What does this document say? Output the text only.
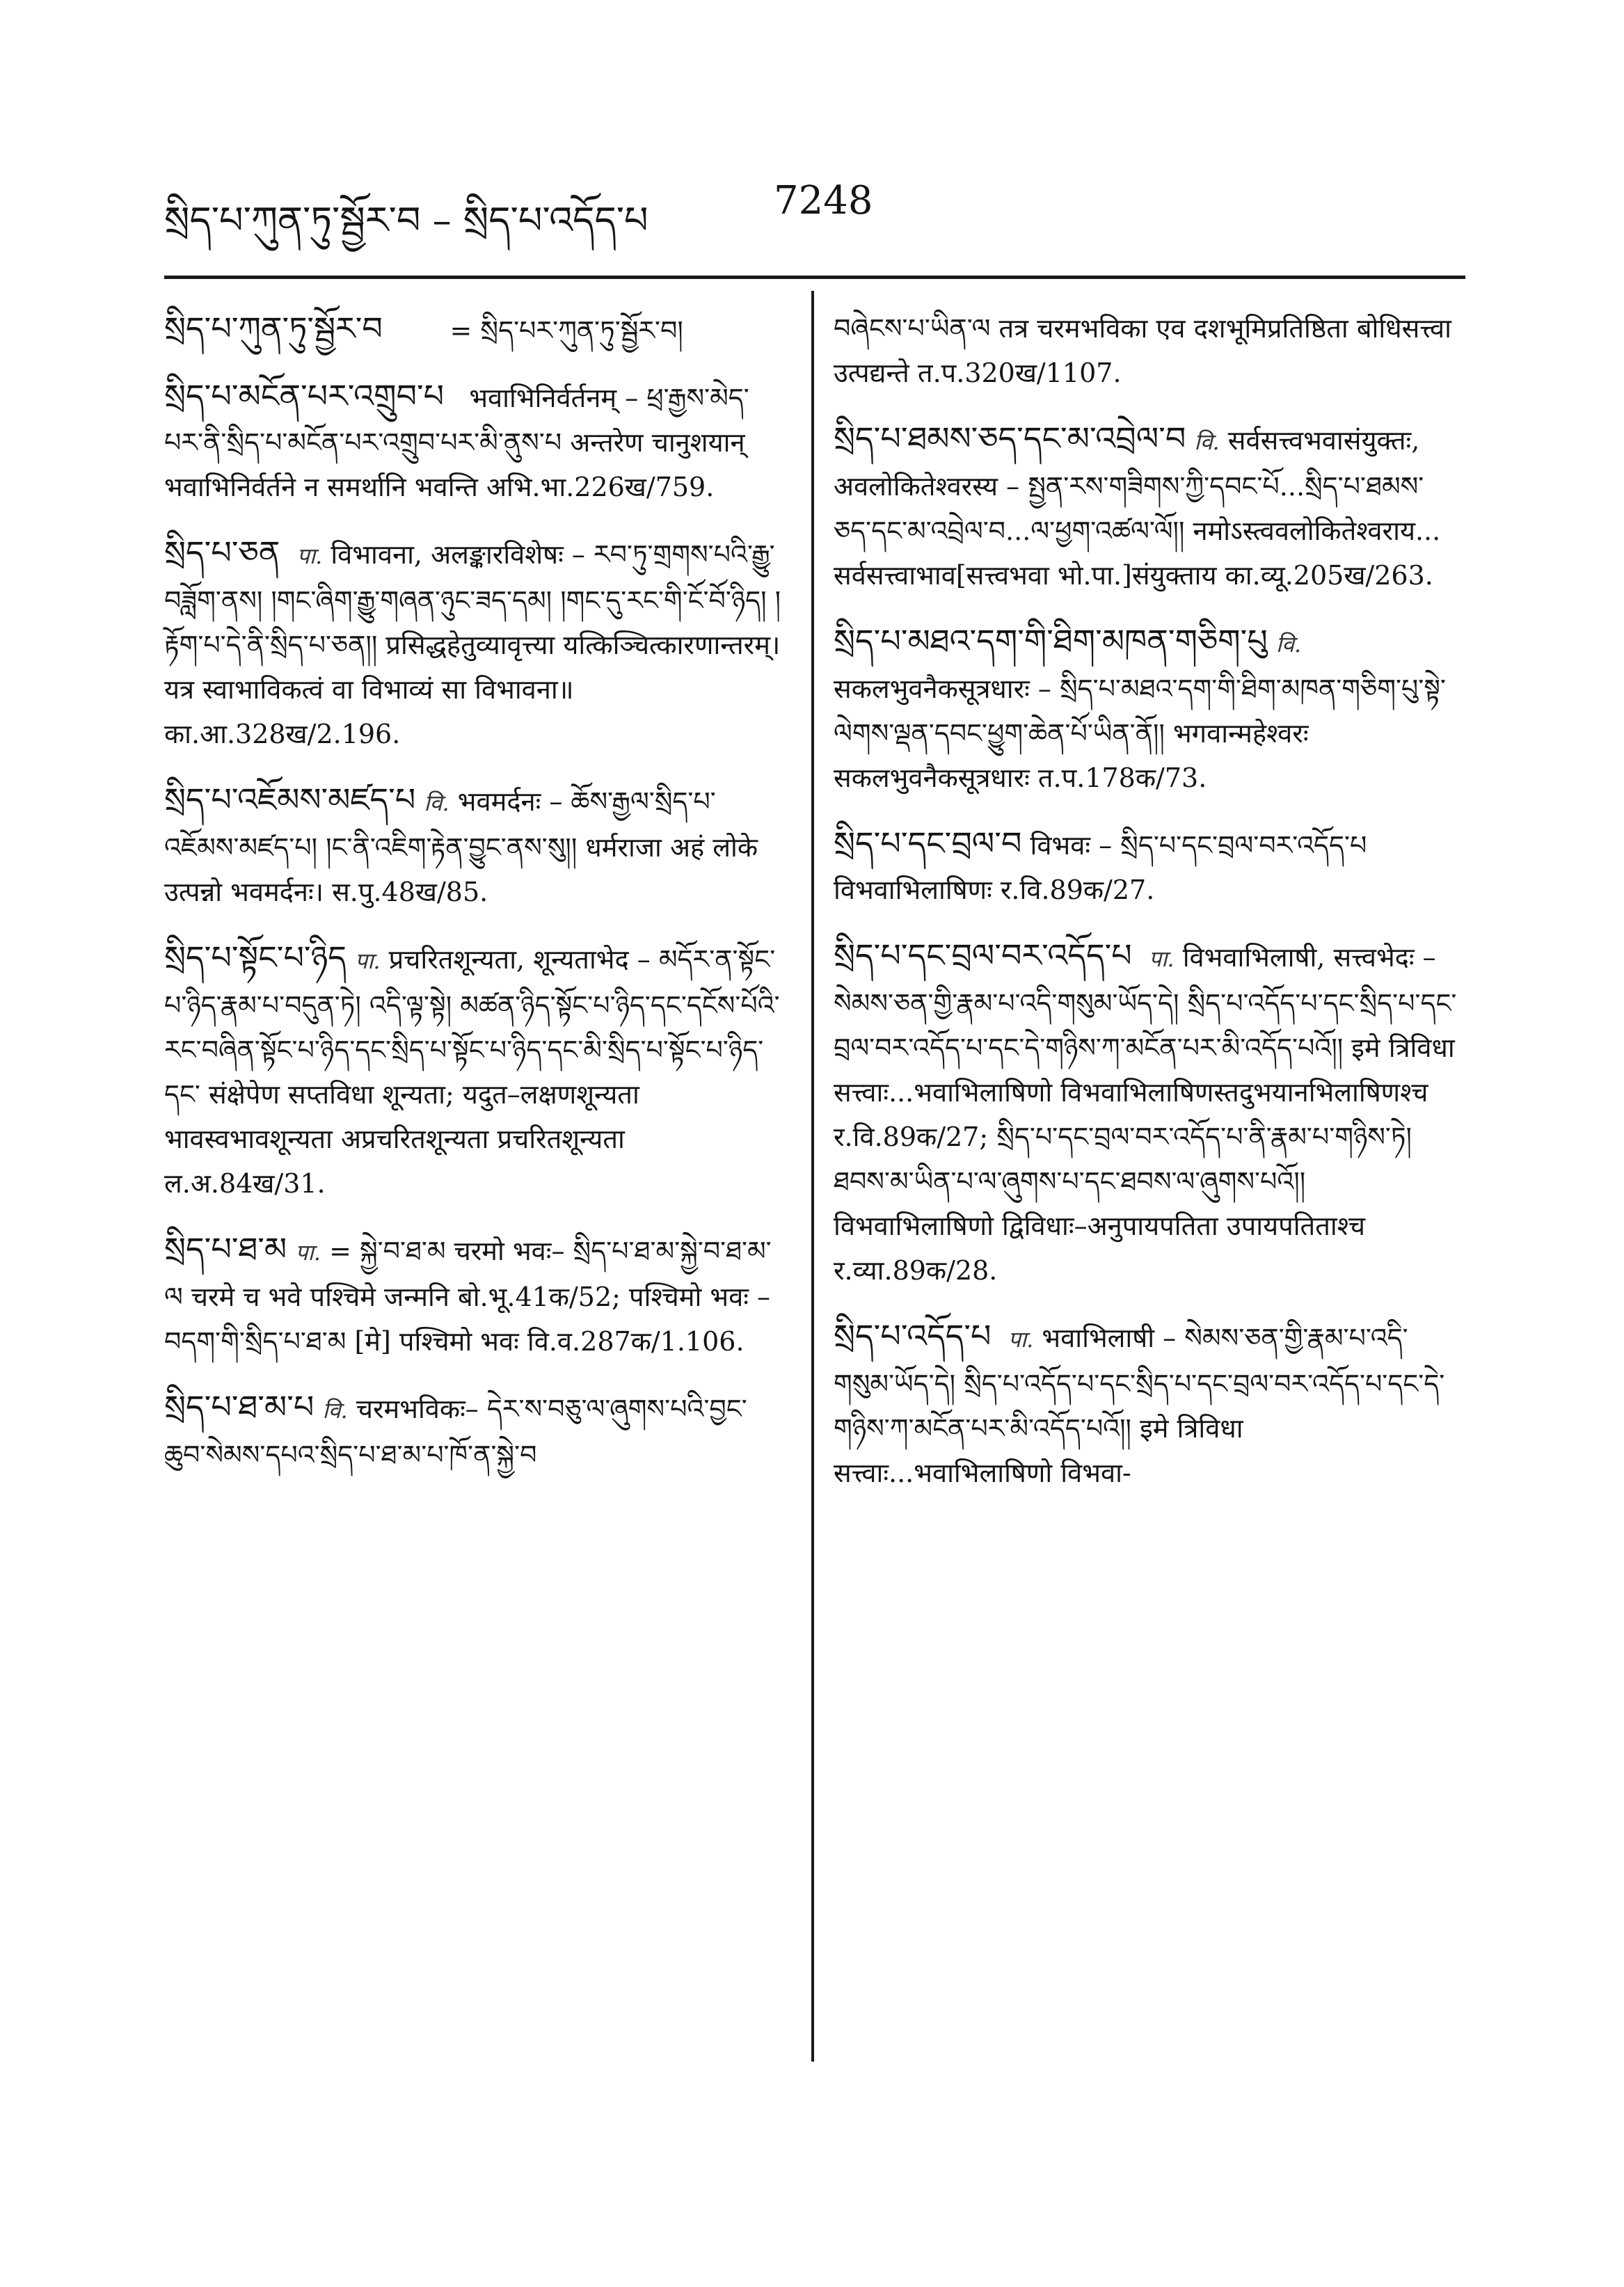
སྲིད་པ་ཀུན་ཏུ་སྦྱོར་བ – སྲིད་པ་འདོད་པ	7248

སྲིད་པ་ཀུན་ཏུ་སྦྱོར་བ	= སྲིད་པར་ཀུན་ཏུ་སྦྱོར་བ།

སྲིད་པ་མངོན་པར་འགྲུབ་པ भवाभिनिर्वर्तनम् – ཕྲ་རྒྱས་མེད་པར་ནི་སྲིད་པ་མངོན་པར་འགྲུབ་པར་མི་ནུས་པ अन्तरेण चानुशयान् भवाभिनिर्वर्तने न समर्थानि भवन्ति अभि.भा.226ख/759.

སྲིད་པ་ཅན पा. विभावना, अलङ्कारविशेषः – རབ་ཏུ་གྲགས་པའི་རྒྱུ་བཟློག་ནས། །གང་ཞིག་རྒྱུ་གཞན་ཉུང་ཟད་དམ། །གང་དུ་རང་གི་ངོ་བོ་ཉིད། །རྟོག་པ་དེ་ནི་སྲིད་པ་ཅན།། प्रसिद्धहेतुव्यावृत्त्या यत्किञ्चित्कारणान्तरम्। यत्र स्वाभाविकत्वं वा विभाव्यं सा विभावना॥ का.आ.328ख/2.196.

སྲིད་པ་འཇོམས་མཛད་པ वि. भवमर्दनः – ཆོས་རྒྱལ་སྲིད་པ་འཇོམས་མཛད་པ། །ང་ནི་འཇིག་རྟེན་བྱུང་ནས་སུ།། धर्मराजा अहं लोके उत्पन्नो भवमर्दनः। स.पु.48ख/85.

སྲིད་པ་སྟོང་པ་ཉིད पा. प्रचरितशून्यता, शून्यताभेद – མདོར་ན་སྟོང་པ་ཉིད་རྣམ་པ་བདུན་ཏེ། འདི་ལྟ་སྟེ། མཚན་ཉིད་སྟོང་པ་ཉིད་དང་དངོས་པོའི་རང་བཞིན་སྟོང་པ་ཉིད་དང་སྲིད་པ་སྟོང་པ་ཉིད་དང་མི་སྲིད་པ་སྟོང་པ་ཉིད་དང་ संक्षेपेण सप्तविधा शून्यता; यदुत–लक्षणशून्यता भावस्वभावशून्यता अप्रचरितशून्यता प्रचरितशून्यता ल.अ.84ख/31.

སྲིད་པ་ཐ་མ पा. = སྐྱེ་བ་ཐ་མ चरमो भवः– སྲིད་པ་ཐ་མ་སྐྱེ་བ་ཐ་མ་ལ चरमे च भवे पश्चिमे जन्मनि बो.भू.41क/52; पश्चिमो भवः – བདག་གི་སྲིད་པ་ཐ་མ [मे] पश्चिमो भवः वि.व.287क/1.106.

སྲིད་པ་ཐ་མ་པ वि. चरमभविकः– དེར་ས་བཅུ་ལ་ཞུགས་པའི་བྱང་ཆུབ་སེམས་དཔའ་སྲིད་པ་ཐ་མ་པ་ཁོ་ན་སྐྱེ་བ

བཞེངས་པ་ཡིན་ལ तत्र चरमभविका एव दशभूमिप्रतिष्ठिता बोधिसत्त्वा उत्पद्यन्ते त.प.320ख/1107.

སྲིད་པ་ཐམས་ཅད་དང་མ་འབྲེལ་བ वि. सर्वसत्त्वभवासंयुक्तः, अवलोकितेश्वरस्य – སྤྱན་རས་གཟིགས་ཀྱི་དབང་པོ...སྲིད་པ་ཐམས་ཅད་དང་མ་འབྲེལ་བ...ལ་ཕྱག་འཚལ་ལོ།། नमोऽस्त्ववलोकितेश्वराय... सर्वसत्त्वाभाव[सत्त्वभवा भो.पा.]संयुक्ताय का.व्यू.205ख/263.

སྲིད་པ་མཐའ་དག་གི་ཐིག་མཁན་གཅིག་པུ वि. सकलभुवनैकसूत्रधारः – སྲིད་པ་མཐའ་དག་གི་ཐིག་མཁན་གཅིག་པུ་སྟེ་ལེགས་ལྡན་དབང་ཕྱུག་ཆེན་པོ་ཡིན་ནོ།། भगवान्महेश्वरः सकलभुवनैकसूत्रधारः त.प.178क/73.

སྲིད་པ་དང་བྲལ་བ विभवः – སྲིད་པ་དང་བྲལ་བར་འདོད་པ विभवाभिलाषिणः र.वि.89क/27.

སྲིད་པ་དང་བྲལ་བར་འདོད་པ पा. विभवाभिलाषी, सत्त्वभेदः – སེམས་ཅན་གྱི་རྣམ་པ་འདི་གསུམ་ཡོད་དེ། སྲིད་པ་འདོད་པ་དང་སྲིད་པ་དང་བྲལ་བར་འདོད་པ་དང་དེ་གཉིས་ཀ་མངོན་པར་མི་འདོད་པའོ།། इमे त्रिविधा सत्त्वाः...भवाभिलाषिणो विभवाभिलाषिणस्तदुभयानभिलाषिणश्च र.वि.89क/27; སྲིད་པ་དང་བྲལ་བར་འདོད་པ་ནི་རྣམ་པ་གཉིས་ཏེ། ཐབས་མ་ཡིན་པ་ལ་ཞུགས་པ་དང་ཐབས་ལ་ཞུགས་པའོ།། विभवाभिलाषिणो द्विविधाः–अनुपायपतिता उपायपतिताश्च र.व्या.89क/28.

སྲིད་པ་འདོད་པ पा. भवाभिलाषी – སེམས་ཅན་གྱི་རྣམ་པ་འདི་གསུམ་ཡོད་དེ། སྲིད་པ་འདོད་པ་དང་སྲིད་པ་དང་བྲལ་བར་འདོད་པ་དང་དེ་གཉིས་ཀ་མངོན་པར་མི་འདོད་པའོ།། इमे त्रिविधा सत्त्वाः...भवाभिलाषिणो विभवा-
